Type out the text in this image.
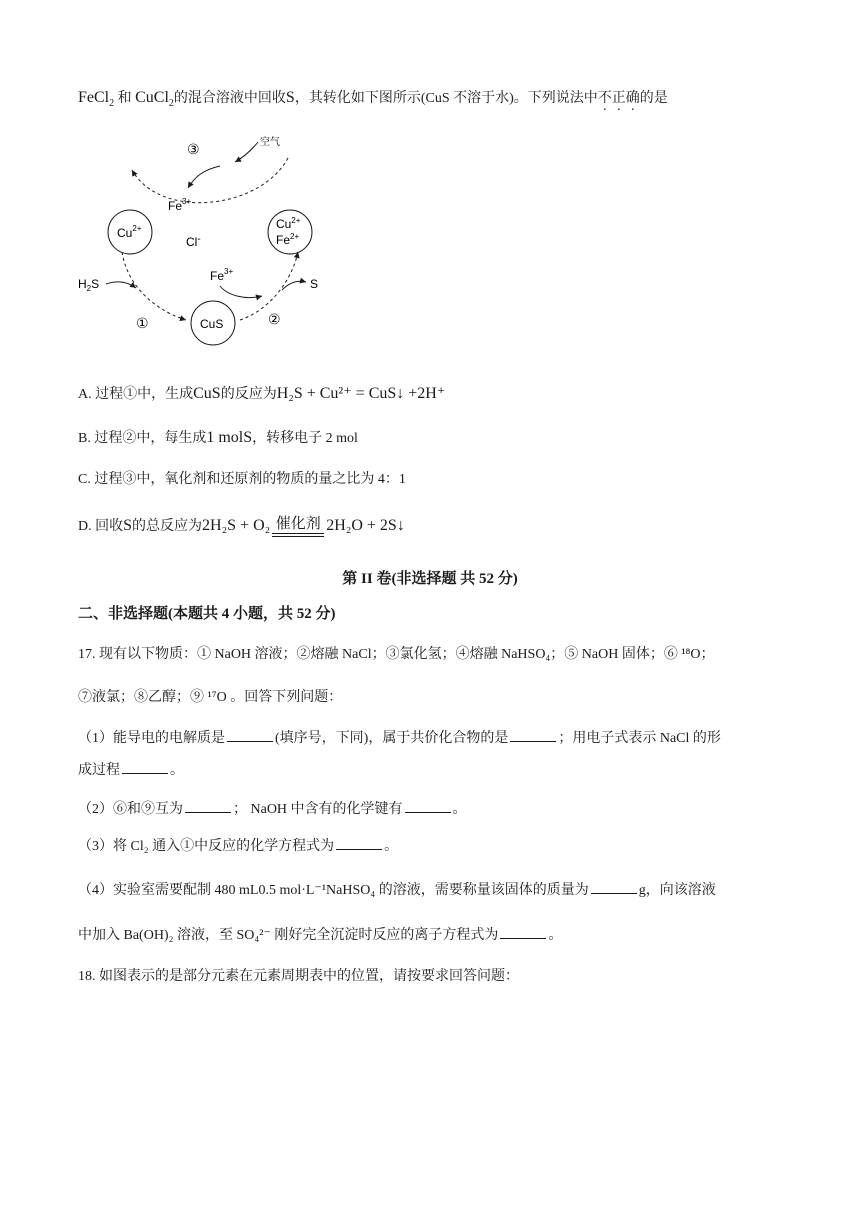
FeCl$_2$ 和 CuCl$_2$的混合溶液中回收S，其转化如下图所示(CuS 不溶于水)。下列说法中不正确的是
$Cu^{2+}$	$Cu^{2+}$
$Fe^{2+}$
CuS
③	空气
$Fe^{3+}$
Cl-
$H_2S$
①
$Fe^{3+}$
S
②
A. 过程①中，生成CuS的反应为H₂S + Cu²⁺ = CuS↓ +2H⁺
B. 过程②中，每生成1 molS，转移电子 2 mol
C. 过程③中，氧化剂和还原剂的物质的量之比为 4：1
D. 回收S的总反应为2H₂S + O₂ 催化剂 2H₂O + 2S↓
第 II 卷(非选择题 共 52 分)
二、非选择题(本题共 4 小题，共 52 分)
17. 现有以下物质：① NaOH 溶液；②熔融 NaCl；③氯化氢；④熔融 NaHSO₄；⑤ NaOH 固体；⑥ ¹⁸O；
⑦液氯；⑧乙醇；⑨ ¹⁷O 。回答下列问题：
（1）能导电的电解质是	(填序号，下同)，属于共价化合物的是	；用电子式表示 NaCl 的形
成过程	。
（2）⑥和⑨互为	； NaOH 中含有的化学键有	。
（3）将 Cl₂ 通入①中反应的化学方程式为	。
（4）实验室需要配制 480 mL0.5 mol·L⁻¹NaHSO₄ 的溶液，需要称量该固体的质量为	g，向该溶液
中加入 Ba(OH)₂ 溶液，至 SO₄²⁻ 刚好完全沉淀时反应的离子方程式为	。
18. 如图表示的是部分元素在元素周期表中的位置，请按要求回答问题：
